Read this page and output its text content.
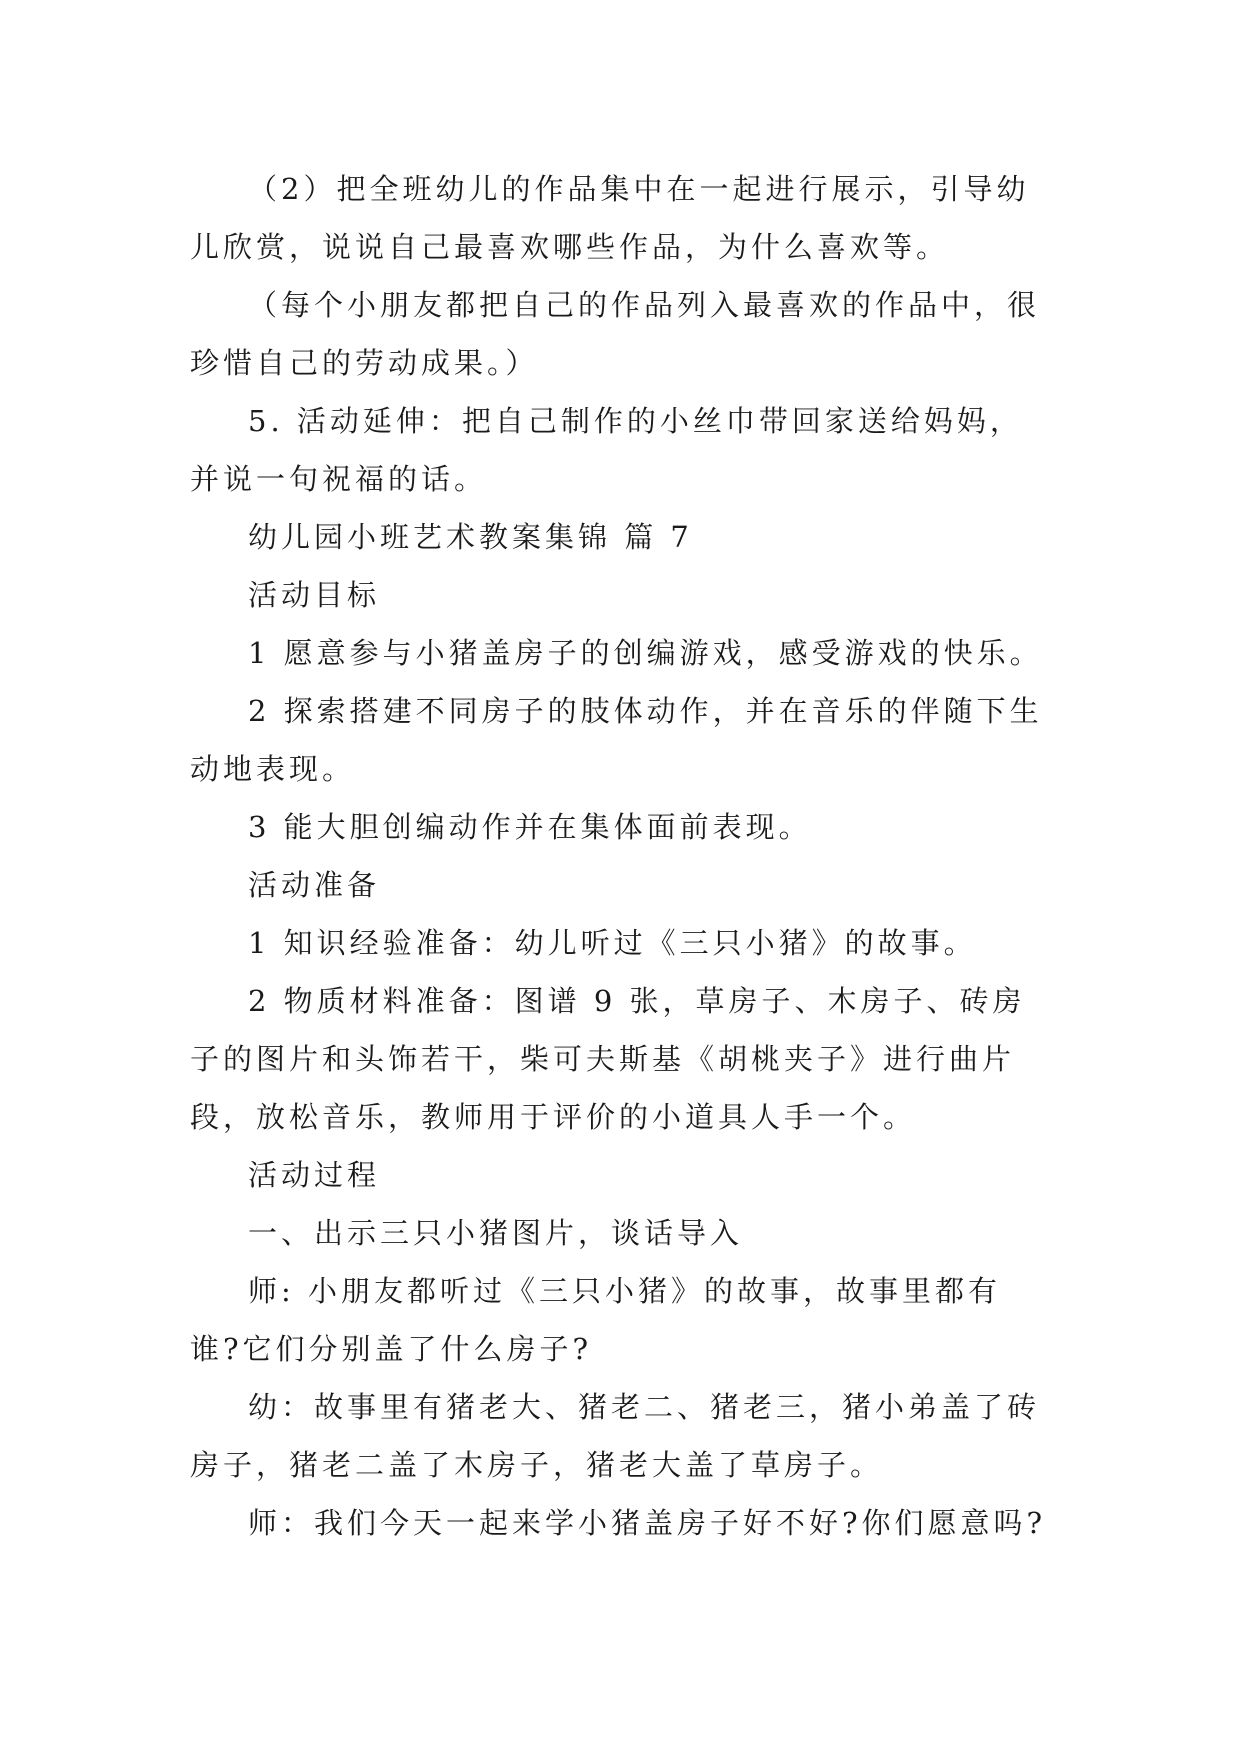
（2）把全班幼儿的作品集中在一起进行展示，引导幼儿欣赏，说说自己最喜欢哪些作品，为什么喜欢等。

（每个小朋友都把自己的作品列入最喜欢的作品中，很珍惜自己的劳动成果。）

5. 活动延伸：把自己制作的小丝巾带回家送给妈妈，并说一句祝福的话。

幼儿园小班艺术教案集锦 篇 7

活动目标

1 愿意参与小猪盖房子的创编游戏，感受游戏的快乐。

2 探索搭建不同房子的肢体动作，并在音乐的伴随下生动地表现。

3 能大胆创编动作并在集体面前表现。

活动准备

1 知识经验准备：幼儿听过《三只小猪》的故事。

2 物质材料准备：图谱 9 张，草房子、木房子、砖房子的图片和头饰若干，柴可夫斯基《胡桃夹子》进行曲片段，放松音乐，教师用于评价的小道具人手一个。

活动过程

一、出示三只小猪图片，谈话导入

师: 小朋友都听过《三只小猪》的故事，故事里都有谁?它们分别盖了什么房子?

幼：故事里有猪老大、猪老二、猪老三，猪小弟盖了砖房子，猪老二盖了木房子，猪老大盖了草房子。

师：我们今天一起来学小猪盖房子好不好?你们愿意吗?
